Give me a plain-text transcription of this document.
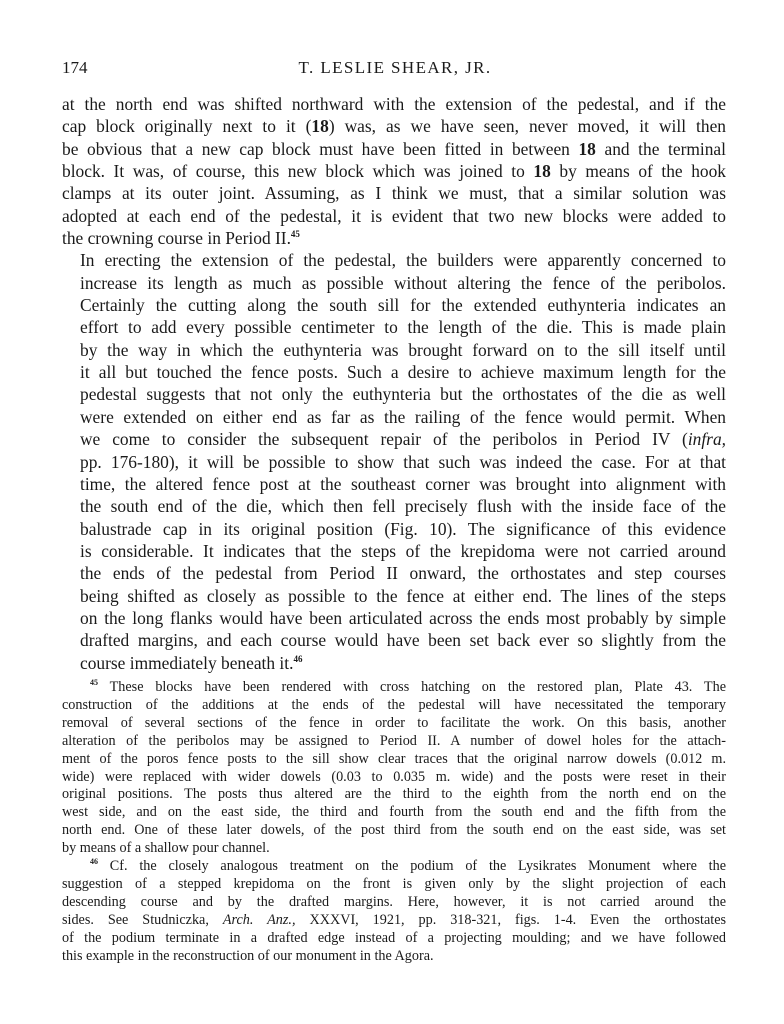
174	T. LESLIE SHEAR, JR.

at the north end was shifted northward with the extension of the pedestal, and if the
cap block originally next to it (18) was, as we have seen, never moved, it will then
be obvious that a new cap block must have been fitted in between 18 and the terminal
block. It was, of course, this new block which was joined to 18 by means of the hook
clamps at its outer joint. Assuming, as I think we must, that a similar solution was
adopted at each end of the pedestal, it is evident that two new blocks were added to
the crowning course in Period II.$^{45}$

In erecting the extension of the pedestal, the builders were apparently concerned to
increase its length as much as possible without altering the fence of the peribolos.
Certainly the cutting along the south sill for the extended euthynteria indicates an
effort to add every possible centimeter to the length of the die. This is made plain
by the way in which the euthynteria was brought forward on to the sill itself until
it all but touched the fence posts. Such a desire to achieve maximum length for the
pedestal suggests that not only the euthynteria but the orthostates of the die as well
were extended on either end as far as the railing of the fence would permit. When
we come to consider the subsequent repair of the peribolos in Period IV (infra,
pp. 176-180), it will be possible to show that such was indeed the case. For at that
time, the altered fence post at the southeast corner was brought into alignment with
the south end of the die, which then fell precisely flush with the inside face of the
balustrade cap in its original position (Fig. 10). The significance of this evidence
is considerable. It indicates that the steps of the krepidoma were not carried around
the ends of the pedestal from Period II onward, the orthostates and step courses
being shifted as closely as possible to the fence at either end. The lines of the steps
on the long flanks would have been articulated across the ends most probably by simple
drafted margins, and each course would have been set back ever so slightly from the
course immediately beneath it.$^{46}$

$^{45}$ These blocks have been rendered with cross hatching on the restored plan, Plate 43. The
construction of the additions at the ends of the pedestal will have necessitated the temporary
removal of several sections of the fence in order to facilitate the work. On this basis, another
alteration of the peribolos may be assigned to Period II. A number of dowel holes for the attach-
ment of the poros fence posts to the sill show clear traces that the original narrow dowels (0.012 m.
wide) were replaced with wider dowels (0.03 to 0.035 m. wide) and the posts were reset in their
original positions. The posts thus altered are the third to the eighth from the north end on the
west side, and on the east side, the third and fourth from the south end and the fifth from the
north end. One of these later dowels, of the post third from the south end on the east side, was set
by means of a shallow pour channel.

$^{46}$ Cf. the closely analogous treatment on the podium of the Lysikrates Monument where the
suggestion of a stepped krepidoma on the front is given only by the slight projection of each
descending course and by the drafted margins. Here, however, it is not carried around the
sides. See Studniczka, Arch. Anz., XXXVI, 1921, pp. 318-321, figs. 1-4. Even the orthostates
of the podium terminate in a drafted edge instead of a projecting moulding; and we have followed
this example in the reconstruction of our monument in the Agora.
